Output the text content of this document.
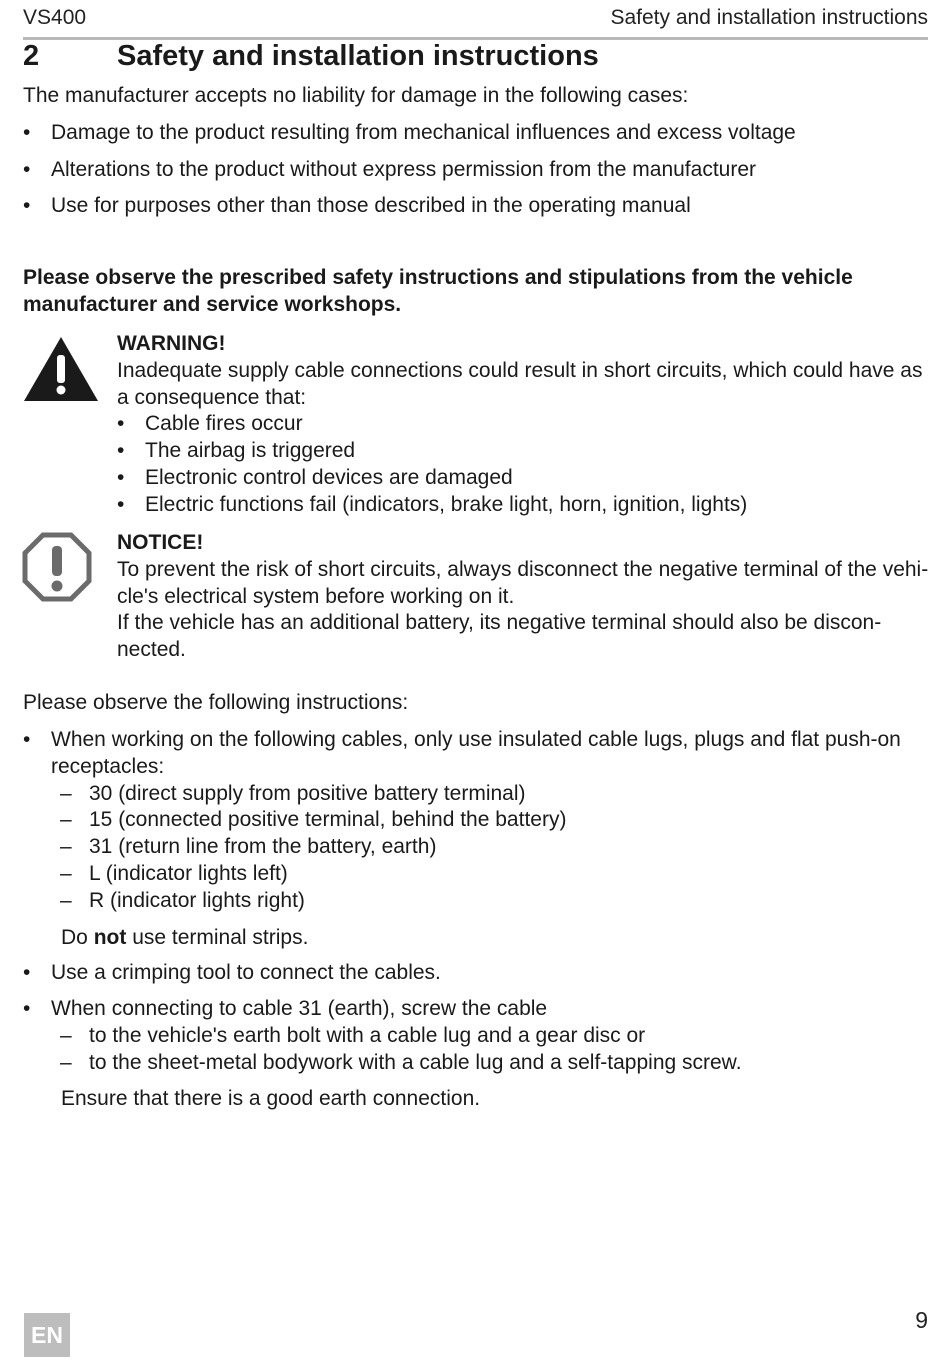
VS400	Safety and installation instructions
2	Safety and installation instructions
The manufacturer accepts no liability for damage in the following cases:
• Damage to the product resulting from mechanical influences and excess voltage
• Alterations to the product without express permission from the manufacturer
• Use for purposes other than those described in the operating manual
Please observe the prescribed safety instructions and stipulations from the vehicle manufacturer and service workshops.
WARNING!
Inadequate supply cable connections could result in short circuits, which could have as
a consequence that:
• Cable fires occur
• The airbag is triggered
• Electronic control devices are damaged
• Electric functions fail (indicators, brake light, horn, ignition, lights)
NOTICE!
To prevent the risk of short circuits, always disconnect the negative terminal of the vehi-
cle's electrical system before working on it.
If the vehicle has an additional battery, its negative terminal should also be discon-
nected.
Please observe the following instructions:
• When working on the following cables, only use insulated cable lugs, plugs and flat push-on
receptacles:
– 30 (direct supply from positive battery terminal)
– 15 (connected positive terminal, behind the battery)
– 31 (return line from the battery, earth)
– L (indicator lights left)
– R (indicator lights right)
Do not use terminal strips.
• Use a crimping tool to connect the cables.
• When connecting to cable 31 (earth), screw the cable
– to the vehicle's earth bolt with a cable lug and a gear disc or
– to the sheet-metal bodywork with a cable lug and a self-tapping screw.
Ensure that there is a good earth connection.
EN
9
